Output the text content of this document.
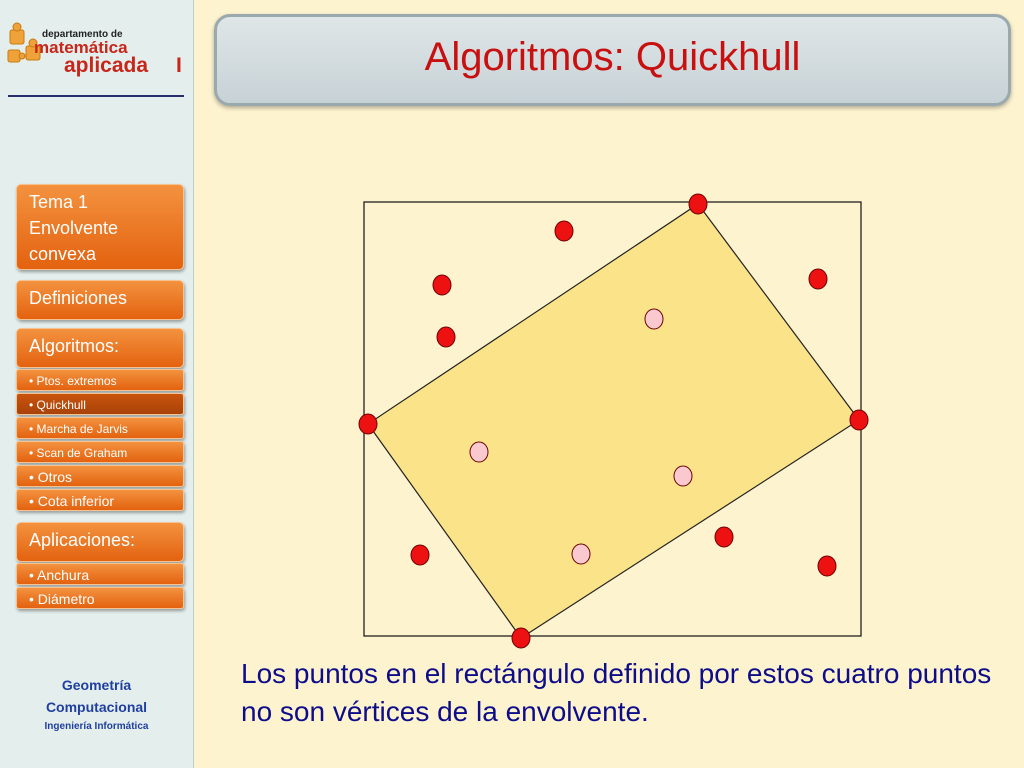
departamento de
matemática
aplicada I
Tema 1 Envolvente convexa
Definiciones
Algoritmos:
• Ptos. extremos
• Quickhull
• Marcha de Jarvis
• Scan de Graham
• Otros
• Cota inferior
Aplicaciones:
• Anchura
• Diámetro
Geometría
Computacional
Ingeniería Informática
Algoritmos: Quickhull
Los puntos en el rectángulo definido por estos cuatro puntos no son vértices de la envolvente.
